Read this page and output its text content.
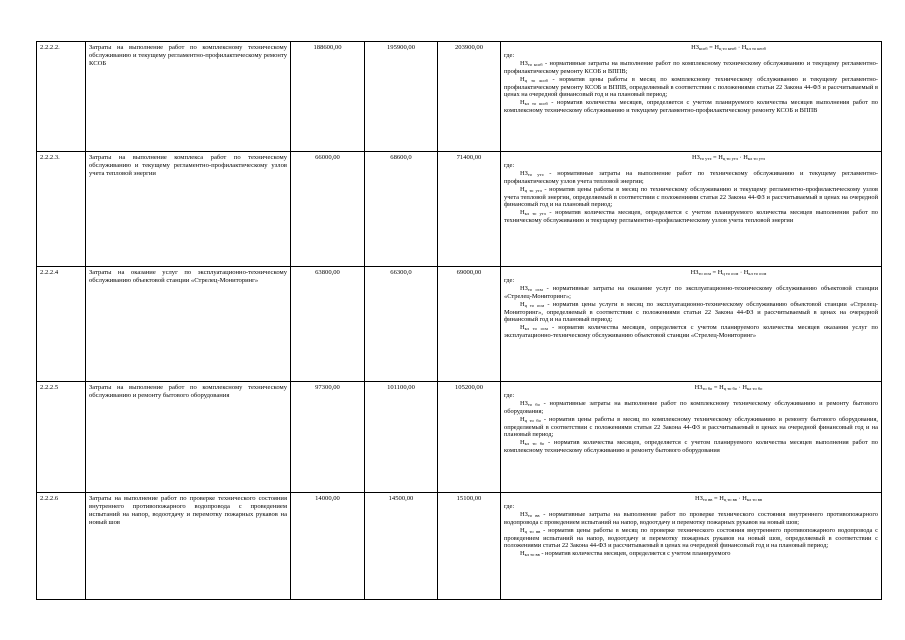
2.2.2.2.	Затраты на выполнение работ по комплексному техническому обслуживанию и текущему регламентно-профилактическому ремонту КСОБ	188600,00	195900,00	203900,00	$НЗ_{ксоб} = Н_{ц то кеоб} \cdot Н_{кл то кеоб}$
где:

$НЗ_{то ксоб}$ - нормативные затраты на выполнение работ по комплексному техническому обслуживанию и текущему регламентно-профилактическому ремонту КСОБ и ВППВ;

$Н_{ц то ксоб}$ - норматив цены работы в месяц по комплексному техническому обслуживанию и текущему регламентно-профилактическому ремонту КСОБ и ВППВ, определяемый в соответствии с положениями статьи 22 Закона 44-ФЗ и рассчитываемый в ценах на очередной финансовый год и на плановый период;

$Н_{кл то ксоб}$ - норматив количества месяцев, определяется с учетом планируемого количества месяцев выполнения работ по комплексному техническому обслуживанию и текущему регламентно-профилактическому ремонту КСОБ и ВППВ

2.2.2.3.	Затраты на выполнение комплекса работ по техническому обслуживанию и текущему регламентно-профилактическому узлов учета тепловой энергии	66000,00	68600,0	71400,00	$НЗ_{то утэ} = Н_{ц то утэ} \cdot Н_{кл то утэ}$
где:

$НЗ_{то утэ}$ - нормативные затраты на выполнение работ по техническому обслуживанию и текущему регламентно-профилактическому узлов учета тепловой энергии;

$Н_{ц то утэ}$ - норматив цены работы в месяц по техническому обслуживанию и текущему регламентно-профилактическому узлов учета тепловой энергии, определяемый в соответствии с положениями статьи 22 Закона 44-ФЗ и рассчитываемый в ценах на очередной финансовый год и на плановый период;

$Н_{кл то утэ}$ - норматив количества месяцев, определяется с учетом планируемого количества месяцев выполнения работ по техническому обслуживанию и текущему регламентно-профилактическому узлов учета тепловой энергии

2.2.2.4	Затраты на оказание услуг по эксплуатационно-техническому обслуживанию объектовой станции «Стрелец-Мониторинг»	63800,00	66300,0	69000,00	$НЗ_{то осм} = Н_{ц то осм} \cdot Н_{кл то осм}$
где:

$НЗ_{то осм}$ - нормативные затраты на оказание услуг по эксплуатационно-техническому обслуживанию объектовой станции «Стрелец-Мониторинг»;

$Н_{ц то осм}$ - норматив цены услуги в месяц по эксплуатационно-техническому обслуживанию объектовой станции «Стрелец-Мониторинг», определяемый в соответствии с положениями статьи 22 Закона 44-ФЗ и рассчитываемый в ценах на очередной финансовый год и на плановый период;

$Н_{кл то осм}$ - норматив количества месяцев, определяется с учетом планируемого количества месяцев оказания услуг по эксплуатационно-техническому обслуживанию объектовой станции «Стрелец-Мониторинг»

2.2.2.5	Затраты на выполнение работ по комплексному техническому обслуживанию и ремонту бытового оборудования	97300,00	101100,00	105200,00	$НЗ_{то бо} = Н_{ц то бо} \cdot Н_{кл то бо}$
где:

$НЗ_{то бо}$ - нормативные затраты на выполнение работ по комплексному техническому обслуживанию и ремонту бытового оборудования;

$Н_{ц то бо}$ - норматив цены работы в месяц по комплексному техническому обслуживанию и ремонту бытового оборудования, определяемый в соответствии с положениями статьи 22 Закона 44-ФЗ и рассчитываемый в ценах на очередной финансовый год и на плановый период;

$Н_{кл то бо}$ - норматив количества месяцев, определяется с учетом планируемого количества месяцев выполнения работ по комплексному техническому обслуживанию и ремонту бытового оборудования

2.2.2.6	Затраты на выполнение работ по проверке технического состояния внутреннего противопожарного водопровода с проведением испытаний на напор, водоотдачу и перемотку пожарных рукавов на новый шов	14000,00	14500,00	15100,00	$НЗ_{то вв} = Н_{ц то вв} \cdot Н_{кл то вв}$
где:

$НЗ_{то вв}$ - нормативные затраты на выполнение работ по проверке технического состояния внутреннего противопожарного водопровода с проведением испытаний на напор, водоотдачу и перемотку пожарных рукавов на новый шов;

$Н_{ц то вв}$ - норматив цены работы в месяц по проверке технического состояния внутреннего противопожарного водопровода с проведением испытаний на напор, водоотдачу и перемотку пожарных рукавов на новый шов, определяемый в соответствии с положениями статьи 22 Закона 44-ФЗ и рассчитываемый в ценах на очередной финансовый год и на плановый период;

$Н_{кл то вв}$ - норматив количества месяцев, определяется с учетом планируемого
